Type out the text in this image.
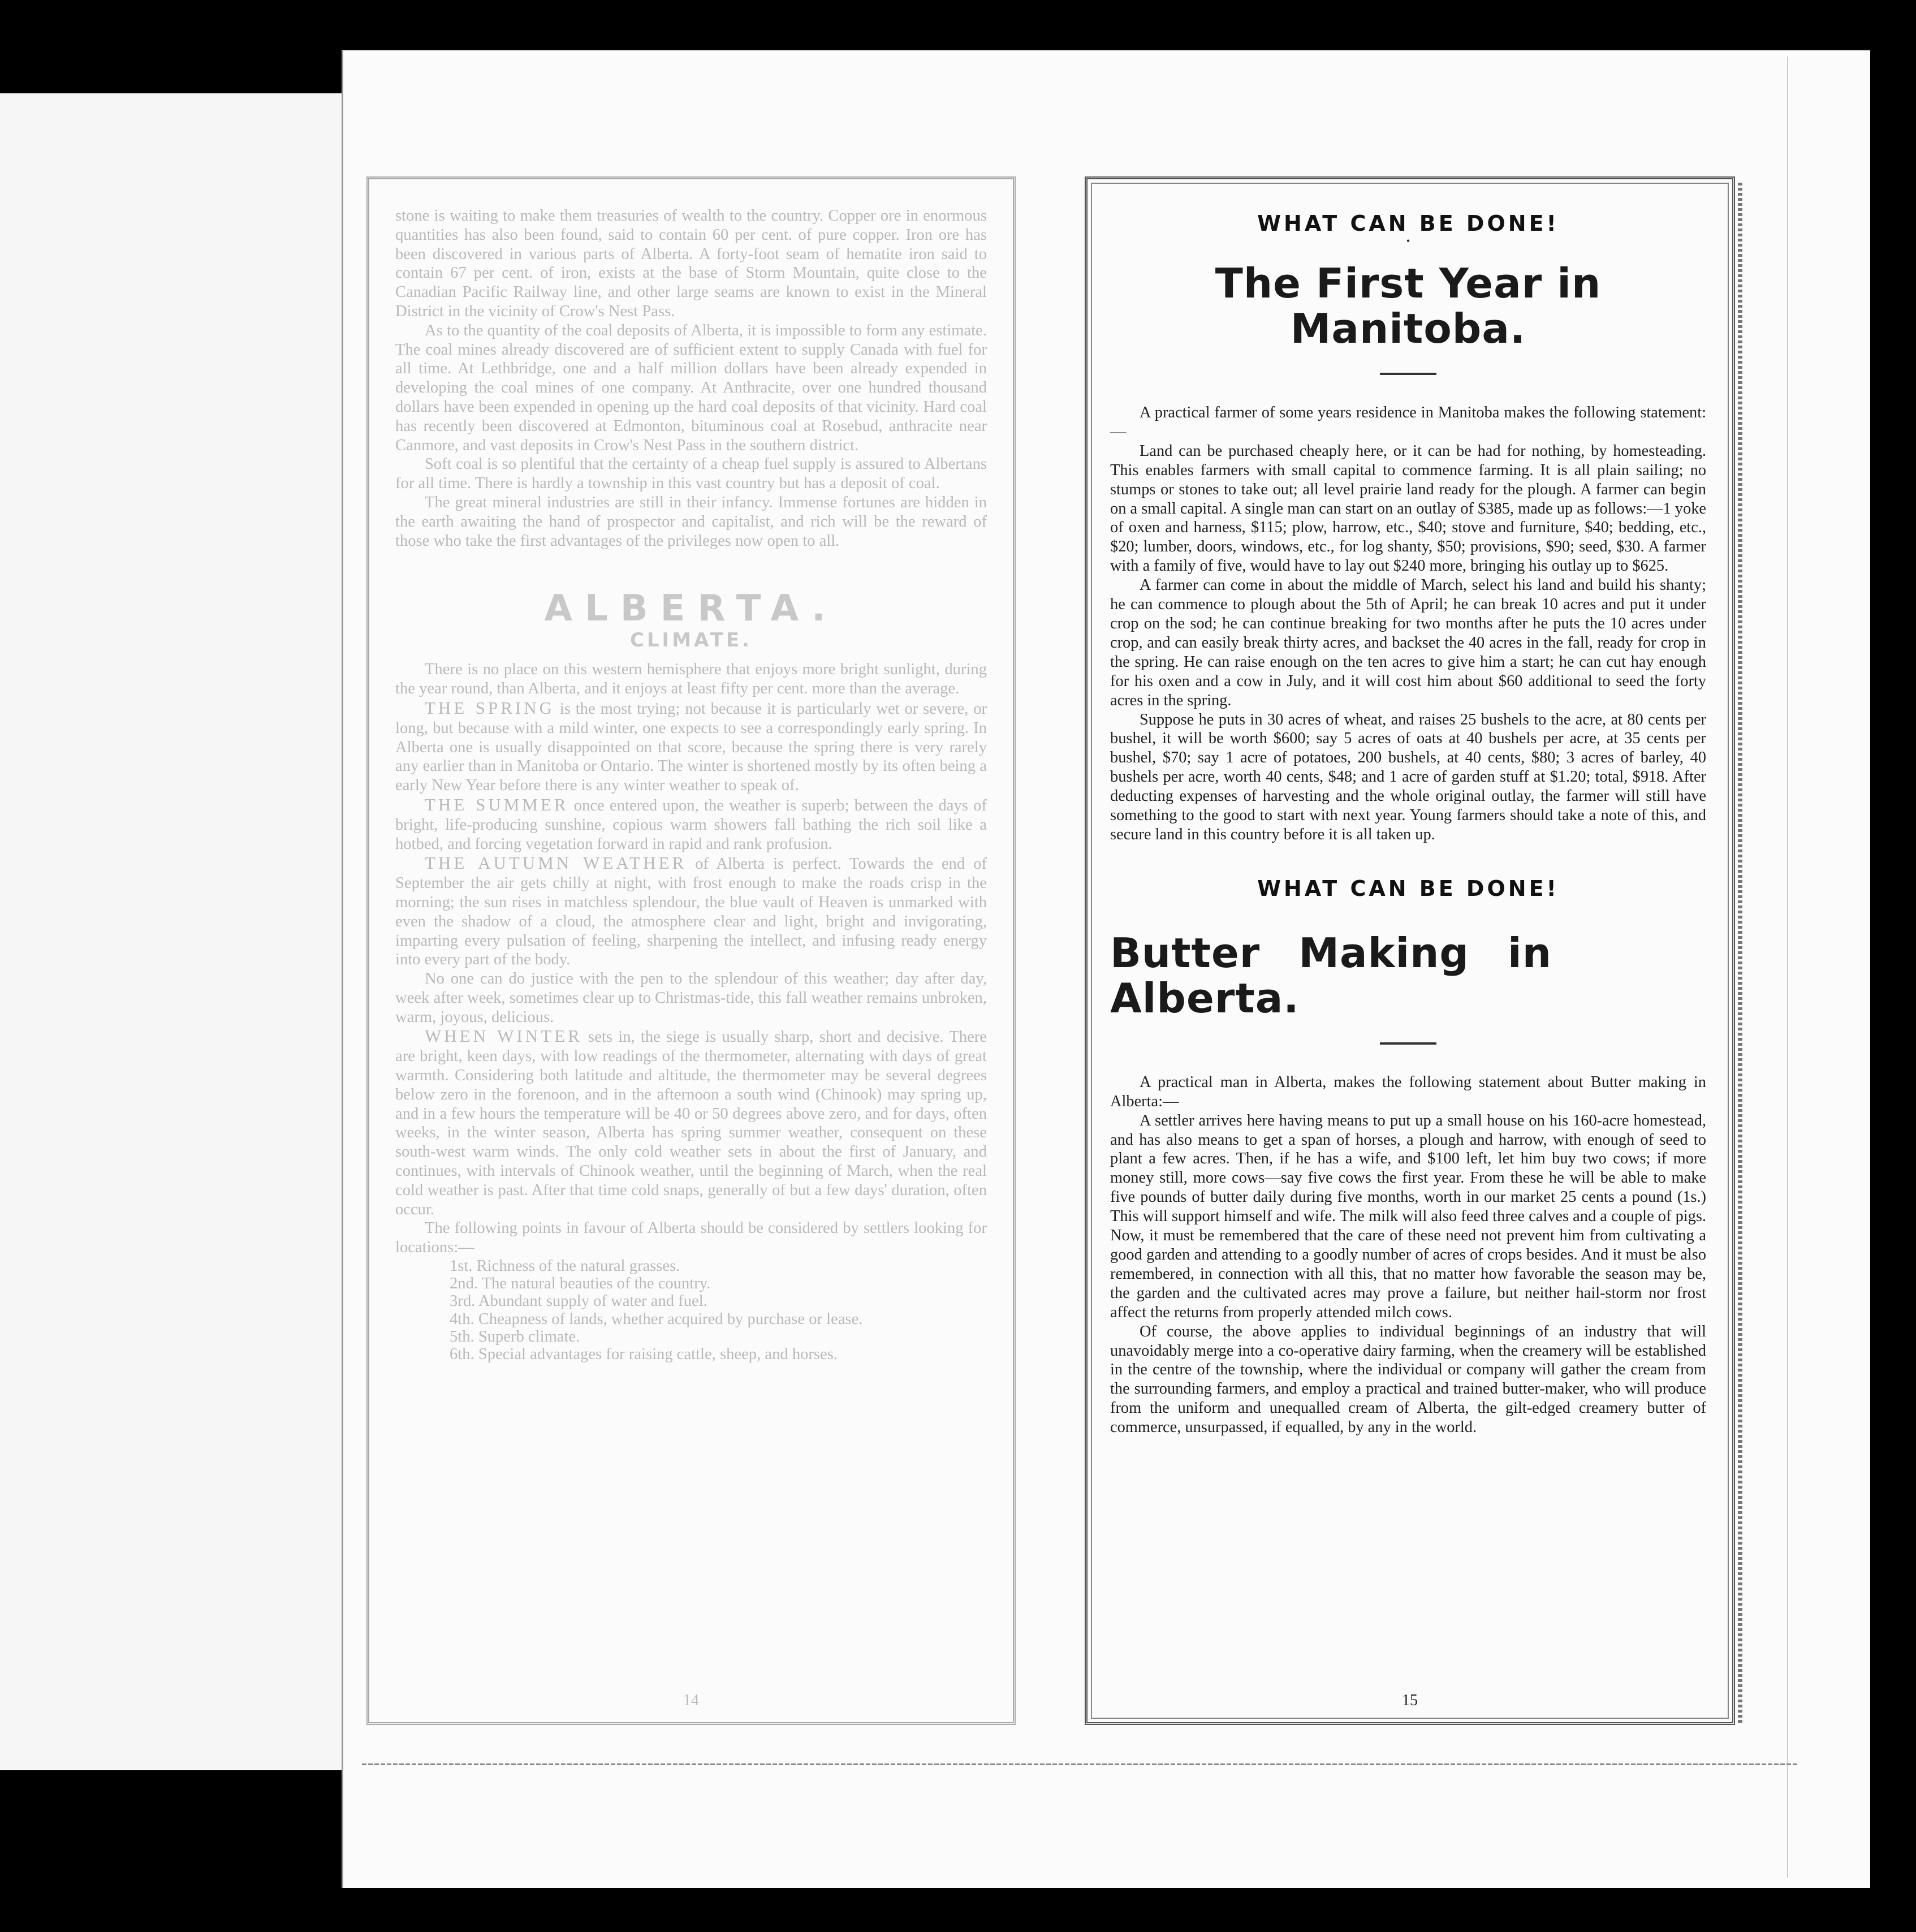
stone is waiting to make them treasuries of wealth to the country. Copper ore in enormous quantities has also been found, said to contain 60 per cent. of pure copper. Iron ore has been discovered in various parts of Alberta. A forty-foot seam of hematite iron said to contain 67 per cent. of iron, exists at the base of Storm Mountain, quite close to the Canadian Pacific Railway line, and other large seams are known to exist in the Mineral District in the vicinity of Crow's Nest Pass.

As to the quantity of the coal deposits of Alberta, it is impossible to form any estimate. The coal mines already discovered are of sufficient extent to supply Canada with fuel for all time. At Lethbridge, one and a half million dollars have been already expended in developing the coal mines of one company. At Anthracite, over one hundred thousand dollars have been expended in opening up the hard coal deposits of that vicinity. Hard coal has recently been discovered at Edmonton, bituminous coal at Rosebud, anthracite near Canmore, and vast deposits in Crow's Nest Pass in the southern district.

Soft coal is so plentiful that the certainty of a cheap fuel supply is assured to Albertans for all time. There is hardly a township in this vast country but has a deposit of coal.

The great mineral industries are still in their infancy. Immense fortunes are hidden in the earth awaiting the hand of prospector and capitalist, and rich will be the reward of those who take the first advantages of the privileges now open to all.

ALBERTA.
CLIMATE.

There is no place on this western hemisphere that enjoys more bright sunlight, during the year round, than Alberta, and it enjoys at least fifty per cent. more than the average.

THE SPRING is the most trying; not because it is particularly wet or severe, or long, but because with a mild winter, one expects to see a correspondingly early spring. In Alberta one is usually disappointed on that score, because the spring there is very rarely any earlier than in Manitoba or Ontario. The winter is shortened mostly by its often being a early New Year before there is any winter weather to speak of.

THE SUMMER once entered upon, the weather is superb; between the days of bright, life-producing sunshine, copious warm showers fall bathing the rich soil like a hotbed, and forcing vegetation forward in rapid and rank profusion.

THE AUTUMN WEATHER of Alberta is perfect. Towards the end of September the air gets chilly at night, with frost enough to make the roads crisp in the morning; the sun rises in matchless splendour, the blue vault of Heaven is unmarked with even the shadow of a cloud, the atmosphere clear and light, bright and invigorating, imparting every pulsation of feeling, sharpening the intellect, and infusing ready energy into every part of the body.

No one can do justice with the pen to the splendour of this weather; day after day, week after week, sometimes clear up to Christmas-tide, this fall weather remains unbroken, warm, joyous, delicious.

WHEN WINTER sets in, the siege is usually sharp, short and decisive. There are bright, keen days, with low readings of the thermometer, alternating with days of great warmth. Considering both latitude and altitude, the thermometer may be several degrees below zero in the forenoon, and in the afternoon a south wind (Chinook) may spring up, and in a few hours the temperature will be 40 or 50 degrees above zero, and for days, often weeks, in the winter season, Alberta has spring summer weather, consequent on these south-west warm winds. The only cold weather sets in about the first of January, and continues, with intervals of Chinook weather, until the beginning of March, when the real cold weather is past. After that time cold snaps, generally of but a few days' duration, often occur.

The following points in favour of Alberta should be considered by settlers looking for locations:—

1st. Richness of the natural grasses.

2nd. The natural beauties of the country.

3rd. Abundant supply of water and fuel.

4th. Cheapness of lands, whether acquired by purchase or lease.

5th. Superb climate.

6th. Special advantages for raising cattle, sheep, and horses.

14
WHAT CAN BE DONE!
•
The First Year in Manitoba.

A practical farmer of some years residence in Manitoba makes the following statement:—

Land can be purchased cheaply here, or it can be had for nothing, by homesteading. This enables farmers with small capital to commence farming. It is all plain sailing; no stumps or stones to take out; all level prairie land ready for the plough. A farmer can begin on a small capital. A single man can start on an outlay of $385, made up as follows:—1 yoke of oxen and harness, $115; plow, harrow, etc., $40; stove and furniture, $40; bedding, etc., $20; lumber, doors, windows, etc., for log shanty, $50; provisions, $90; seed, $30. A farmer with a family of five, would have to lay out $240 more, bringing his outlay up to $625.

A farmer can come in about the middle of March, select his land and build his shanty; he can commence to plough about the 5th of April; he can break 10 acres and put it under crop on the sod; he can continue breaking for two months after he puts the 10 acres under crop, and can easily break thirty acres, and backset the 40 acres in the fall, ready for crop in the spring. He can raise enough on the ten acres to give him a start; he can cut hay enough for his oxen and a cow in July, and it will cost him about $60 additional to seed the forty acres in the spring.

Suppose he puts in 30 acres of wheat, and raises 25 bushels to the acre, at 80 cents per bushel, it will be worth $600; say 5 acres of oats at 40 bushels per acre, at 35 cents per bushel, $70; say 1 acre of potatoes, 200 bushels, at 40 cents, $80; 3 acres of barley, 40 bushels per acre, worth 40 cents, $48; and 1 acre of garden stuff at $1.20; total, $918. After deducting expenses of harvesting and the whole original outlay, the farmer will still have something to the good to start with next year. Young farmers should take a note of this, and secure land in this country before it is all taken up.

WHAT CAN BE DONE!
Butter Making in Alberta.

A practical man in Alberta, makes the following statement about Butter making in Alberta:—

A settler arrives here having means to put up a small house on his 160-acre homestead, and has also means to get a span of horses, a plough and harrow, with enough of seed to plant a few acres. Then, if he has a wife, and $100 left, let him buy two cows; if more money still, more cows—say five cows the first year. From these he will be able to make five pounds of butter daily during five months, worth in our market 25 cents a pound (1s.) This will support himself and wife. The milk will also feed three calves and a couple of pigs. Now, it must be remembered that the care of these need not prevent him from cultivating a good garden and attending to a goodly number of acres of crops besides. And it must be also remembered, in connection with all this, that no matter how favorable the season may be, the garden and the cultivated acres may prove a failure, but neither hail-storm nor frost affect the returns from properly attended milch cows.

Of course, the above applies to individual beginnings of an industry that will unavoidably merge into a co-operative dairy farming, when the creamery will be established in the centre of the township, where the individual or company will gather the cream from the surrounding farmers, and employ a practical and trained butter-maker, who will produce from the uniform and unequalled cream of Alberta, the gilt-edged creamery butter of commerce, unsurpassed, if equalled, by any in the world.

15
